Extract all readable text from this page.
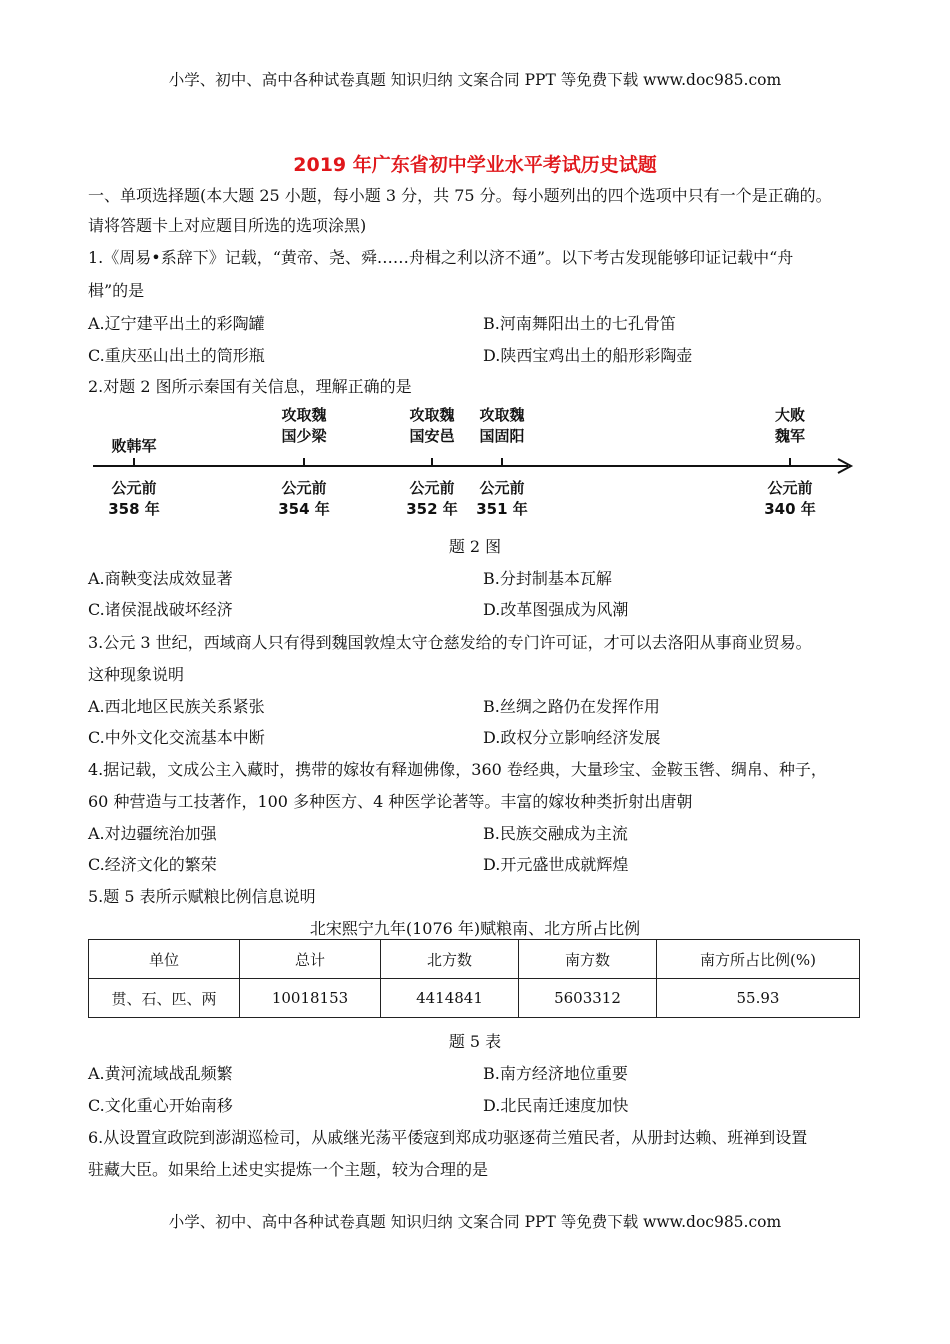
小学、初中、高中各种试卷真题 知识归纳 文案合同 PPT 等免费下载 www.doc985.com
2019 年广东省初中学业水平考试历史试题
一、单项选择题(本大题 25 小题，每小题 3 分，共 75 分。每小题列出的四个选项中只有一个是正确的。
请将答题卡上对应题目所选的选项涂黑)
1.《周易•系辞下》记载，“黄帝、尧、舜……舟楫之利以济不通”。以下考古发现能够印证记载中“舟
楫”的是
A.辽宁建平出土的彩陶罐	B.河南舞阳出土的七孔骨笛
C.重庆巫山出土的筒形瓶	D.陕西宝鸡出土的船形彩陶壶
2.对题 2 图所示秦国有关信息，理解正确的是
败韩军
攻取魏
国少梁
攻取魏
国安邑
攻取魏
国固阳
大败
魏军
公元前
358 年
公元前
354 年
公元前
352 年
公元前
351 年
公元前
340 年
题 2 图
A.商鞅变法成效显著	B.分封制基本瓦解
C.诸侯混战破坏经济	D.改革图强成为风潮
3.公元 3 世纪，西域商人只有得到魏国敦煌太守仓慈发给的专门许可证，才可以去洛阳从事商业贸易。
这种现象说明
A.西北地区民族关系紧张	B.丝绸之路仍在发挥作用
C.中外文化交流基本中断	D.政权分立影响经济发展
4.据记载，文成公主入藏时，携带的嫁妆有释迦佛像，360 卷经典，大量珍宝、金鞍玉辔、绸帛、种子，
60 种营造与工技著作，100 多种医方、4 种医学论著等。丰富的嫁妆种类折射出唐朝
A.对边疆统治加强	B.民族交融成为主流
C.经济文化的繁荣	D.开元盛世成就辉煌
5.题 5 表所示赋粮比例信息说明
北宋熙宁九年(1076 年)赋粮南、北方所占比例
单位	总计	北方数	南方数	南方所占比例(%)
贯、石、匹、两	10018153	4414841	5603312	55.93
题 5 表
A.黄河流域战乱频繁	B.南方经济地位重要
C.文化重心开始南移	D.北民南迁速度加快
6.从设置宣政院到澎湖巡检司，从戚继光荡平倭寇到郑成功驱逐荷兰殖民者，从册封达赖、班禅到设置
驻藏大臣。如果给上述史实提炼一个主题，较为合理的是
小学、初中、高中各种试卷真题 知识归纳 文案合同 PPT 等免费下载 www.doc985.com
